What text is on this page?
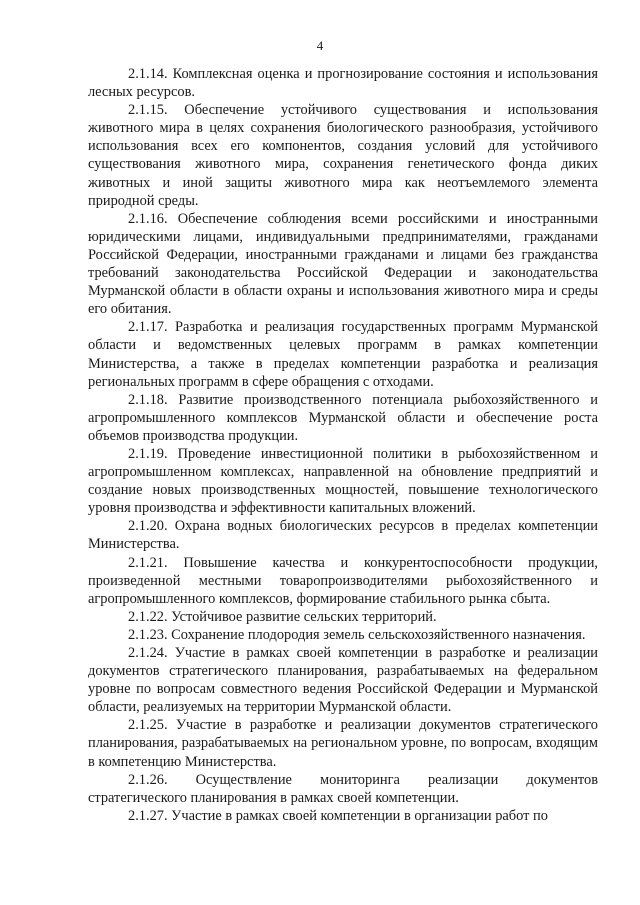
4

2.1.14. Комплексная оценка и прогнозирование состояния и использования лесных ресурсов.

2.1.15. Обеспечение устойчивого существования и использования животного мира в целях сохранения биологического разнообразия, устойчивого использования всех его компонентов, создания условий для устойчивого существования животного мира, сохранения генетического фонда диких животных и иной защиты животного мира как неотъемлемого элемента природной среды.

2.1.16. Обеспечение соблюдения всеми российскими и иностранными юридическими лицами, индивидуальными предпринимателями, гражданами Российской Федерации, иностранными гражданами и лицами без гражданства требований законодательства Российской Федерации и законодательства Мурманской области в области охраны и использования животного мира и среды его обитания.

2.1.17. Разработка и реализация государственных программ Мурманской области и ведомственных целевых программ в рамках компетенции Министерства, а также в пределах компетенции разработка и реализация региональных программ в сфере обращения с отходами.

2.1.18. Развитие производственного потенциала рыбохозяйственного и агропромышленного комплексов Мурманской области и обеспечение роста объемов производства продукции.

2.1.19. Проведение инвестиционной политики в рыбохозяйственном и агропромышленном комплексах, направленной на обновление предприятий и создание новых производственных мощностей, повышение технологического уровня производства и эффективности капитальных вложений.

2.1.20. Охрана водных биологических ресурсов в пределах компетенции Министерства.

2.1.21. Повышение качества и конкурентоспособности продукции, произведенной местными товаропроизводителями рыбохозяйственного и агропромышленного комплексов, формирование стабильного рынка сбыта.

2.1.22. Устойчивое развитие сельских территорий.

2.1.23. Сохранение плодородия земель сельскохозяйственного назначения.

2.1.24. Участие в рамках своей компетенции в разработке и реализации документов стратегического планирования, разрабатываемых на федеральном уровне по вопросам совместного ведения Российской Федерации и Мурманской области, реализуемых на территории Мурманской области.

2.1.25. Участие в разработке и реализации документов стратегического планирования, разрабатываемых на региональном уровне, по вопросам, входящим в компетенцию Министерства.

2.1.26. Осуществление мониторинга реализации документов стратегического планирования в рамках своей компетенции.

2.1.27. Участие в рамках своей компетенции в организации работ по
